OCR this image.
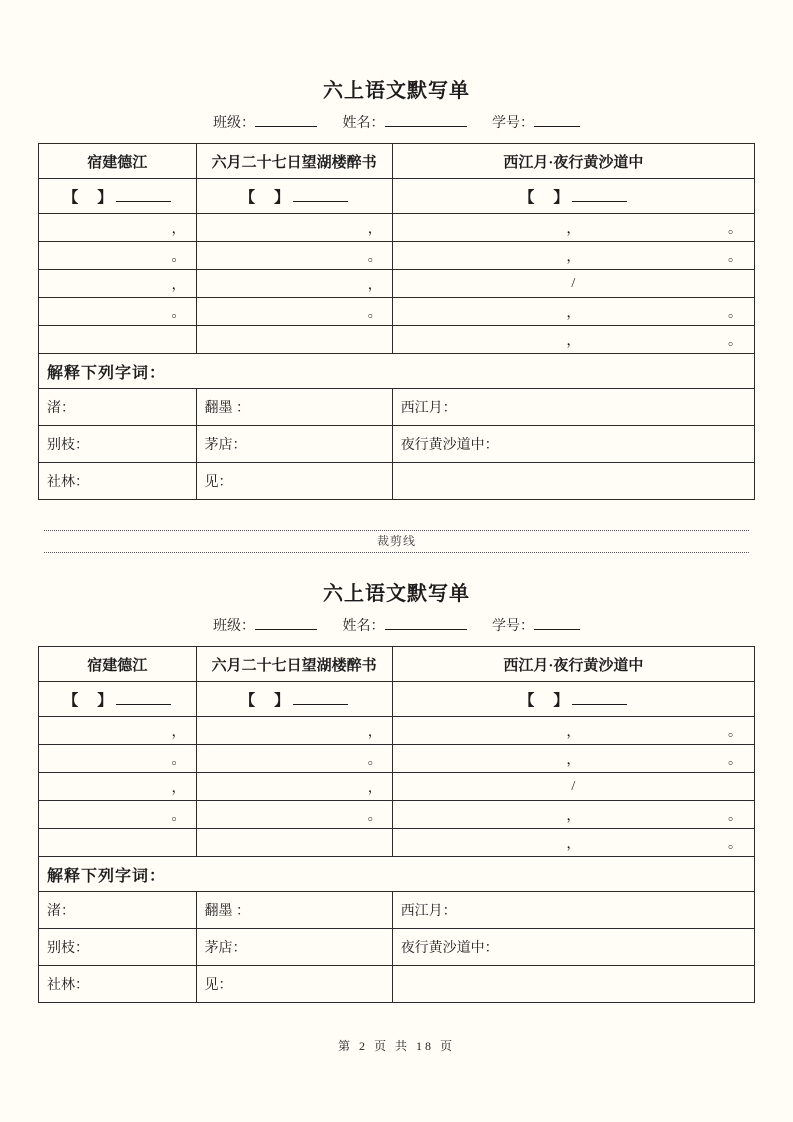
六上语文默写单
班级：	姓名：	学号：
宿建德江	六月二十七日望湖楼醉书	西江月·夜行黄沙道中
【　】	【　】	【　】
，	，	， 。

。	。	， 。

，	，	/

。	。	， 。

		， 。

解释下列字词：		
渚：	翻墨 ：	西江月：
别枝：	茅店：	夜行黄沙道中：
社林：	见：	
裁剪线
六上语文默写单
班级：	姓名：	学号：
宿建德江	六月二十七日望湖楼醉书	西江月·夜行黄沙道中
【　】	【　】	【　】
，	，	， 。

。	。	， 。

，	，	/

。	。	， 。

		， 。

解释下列字词：		
渚：	翻墨 ：	西江月：
别枝：	茅店：	夜行黄沙道中：
社林：	见：	
第 2 页 共 18 页
